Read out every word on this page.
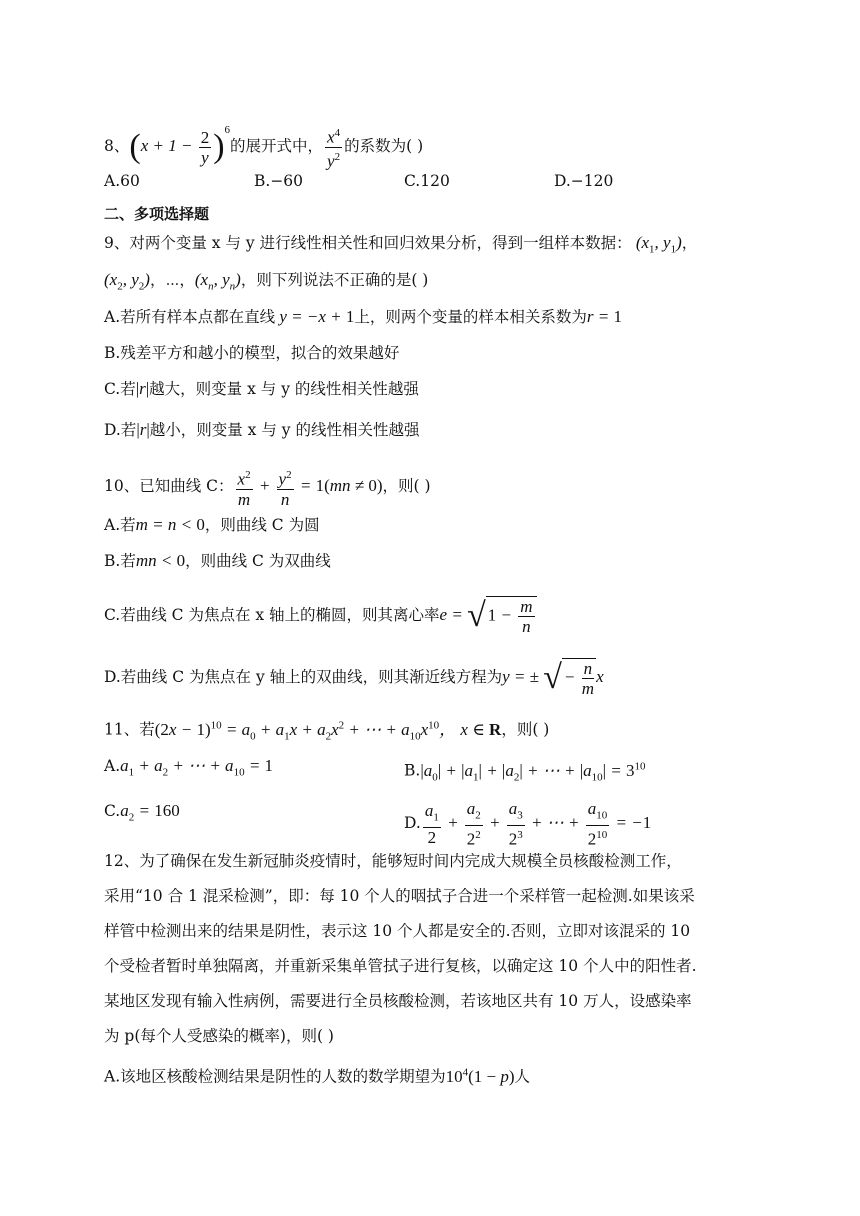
8、$(x + 1 - \frac{2}{y} )^6$的展开式中， $\frac{x^4}{y^2}$ 的系数为( )
A.60	B.−60	C.120	D.−120
二、多项选择题
9、对两个变量 x 与 y 进行线性相关性和回归效果分析，得到一组样本数据： ($x_1$, $y_1$)，
($x_2$, $y_2$)，⋯，($x_n$, $y_n$)，则下列说法不正确的是( )
A.若所有样本点都在直线 y = −x + 1上，则两个变量的样本相关系数为r = 1
B.残差平方和越小的模型，拟合的效果越好
C.若|r|越大，则变量 x 与 y 的线性相关性越强
D.若|r|越小，则变量 x 与 y 的线性相关性越强
10、已知曲线 C： $\frac{x^2}{m} + \frac{y^2}{n} = 1(mn \ne 0)$，则( )
A.若m = n < 0，则曲线 C 为圆
B.若mn < 0，则曲线 C 为双曲线
C.若曲线 C 为焦点在 x 轴上的椭圆，则其离心率e = √ $1 - \frac{m}{n}$
D.若曲线 C 为焦点在 y 轴上的双曲线，则其渐近线方程为y = ± √ − $\frac{n}{m}$ x
11、若$(2x - 1)^{10} = a_0 + a_1x + a_2x^2$ + ⋯ + $a_{10}x^{10}$， x ∈ R，则( )
$A.a_1 + a_2$ + ⋯ + $a_{10} = 1$	$B.|a_0| + |a_1| + |a_2|$ + ⋯ + $|a_{10}| = 3^{10}$
$C.a_2 = 160$
D. $\frac{a_1}{2} + \frac{a_2}{2^2} + \frac{a_3}{2^3}$ + ⋯ + $\frac{a_{10}}{2^{10}} = -1$
12、为了确保在发生新冠肺炎疫情时，能够短时间内完成大规模全员核酸检测工作，
采用“10 合 1 混采检测”，即：每 10 个人的咽拭子合进一个采样管一起检测.如果该采
样管中检测出来的结果是阴性，表示这 10 个人都是安全的.否则，立即对该混采的 10
个受检者暂时单独隔离，并重新采集单管拭子进行复核，以确定这 10 个人中的阳性者.
某地区发现有输入性病例，需要进行全员核酸检测，若该地区共有 10 万人，设感染率
为 p(每个人受感染的概率)，则( )
A.该地区核酸检测结果是阴性的人数的数学期望为$10^4(1 - p)$人
